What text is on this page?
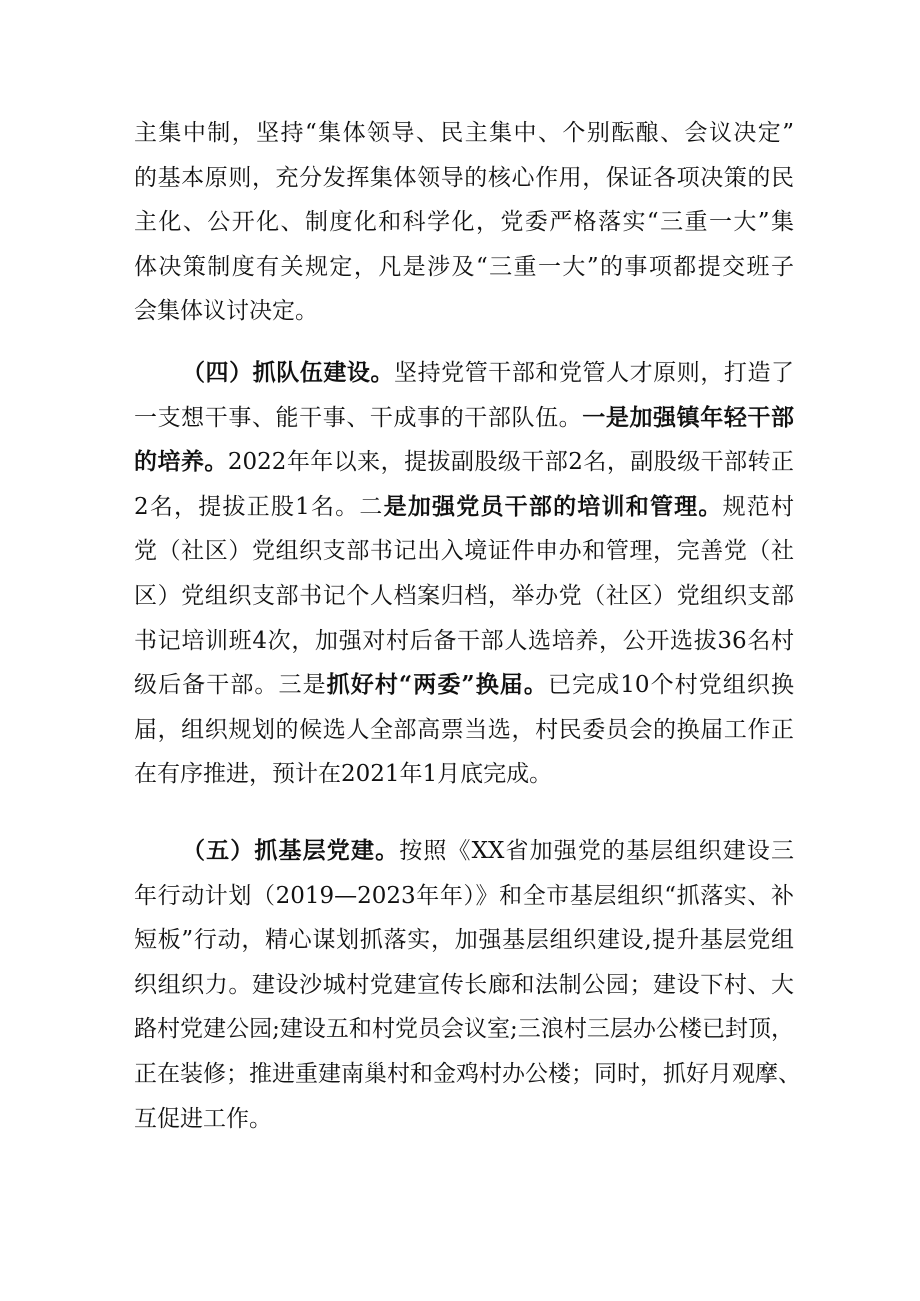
主集中制，坚持“集体领导、民主集中、个别酝酿、会议决定”
的基本原则，充分发挥集体领导的核心作用，保证各项决策的民
主化、公开化、制度化和科学化，党委严格落实“三重一大”集
体决策制度有关规定，凡是涉及“三重一大”的事项都提交班子
会集体议讨决定。
（四）抓队伍建设。坚持党管干部和党管人才原则，打造了
一支想干事、能干事、干成事的干部队伍。一是加强镇年轻干部
的培养。2022年年以来，提拔副股级干部2名，副股级干部转正
2名，提拔正股1名。二是加强党员干部的培训和管理。规范村
党（社区）党组织支部书记出入境证件申办和管理，完善党（社
区）党组织支部书记个人档案归档，举办党（社区）党组织支部
书记培训班4次，加强对村后备干部人选培养，公开选拔36名村
级后备干部。三是抓好村“两委”换届。已完成10个村党组织换
届，组织规划的候选人全部高票当选，村民委员会的换届工作正
在有序推进，预计在2021年1月底完成。
（五）抓基层党建。按照《XX省加强党的基层组织建设三
年行动计划（2019—2023年年）》和全市基层组织“抓落实、补
短板”行动，精心谋划抓落实，加强基层组织建设,提升基层党组
织组织力。建设沙城村党建宣传长廊和法制公园；建设下村、大
路村党建公园;建设五和村党员会议室;三浪村三层办公楼已封顶，
正在装修；推进重建南巢村和金鸡村办公楼；同时，抓好月观摩、
互促进工作。
